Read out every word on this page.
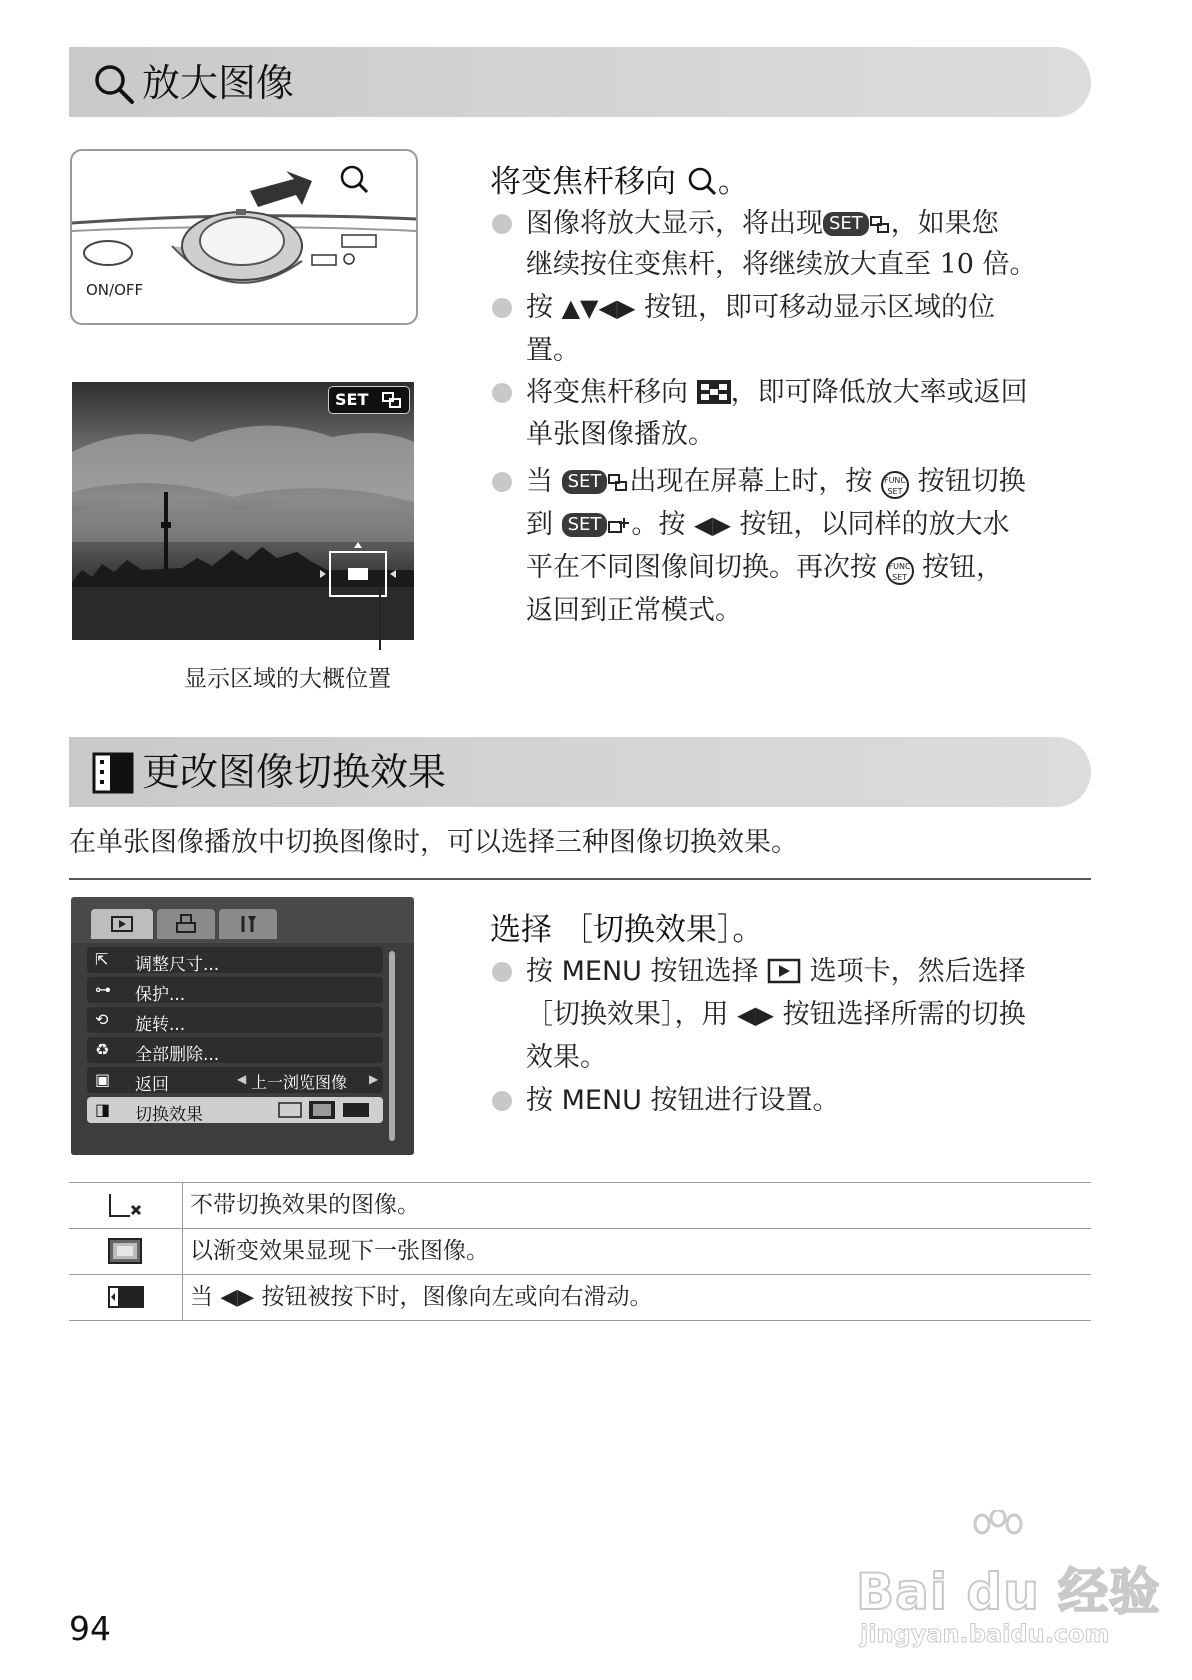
放大图像
ON/OFF
SET
显示区域的大概位置
将变焦杆移向 。
图像将放大显示，将出现 SET ，如果您
继续按住变焦杆，将继续放大直至 10 倍。
按 ▲▼◀▶ 按钮，即可移动显示区域的位
置。
将变焦杆移向 ，即可降低放大率或返回
单张图像播放。
当 SET 出现在屏幕上时，按 FUNC
SET 按钮切换
到 SET 。按 ◀▶ 按钮，以同样的放大水
平在不同图像间切换。再次按 FUNC
SET 按钮，
返回到正常模式。
更改图像切换效果
在单张图像播放中切换图像时，可以选择三种图像切换效果。
⇱ 调整尺寸...
⊶ 保护...
⟲ 旋转...
♻ 全部删除...
▣ 返回	◀ 上一浏览图像 ▶
◨ 切换效果
选择 ［切换效果］。
按 MENU 按钮选择  选项卡，然后选择
［切换效果］，用 ◀▶ 按钮选择所需的切换
效果。
按 MENU 按钮进行设置。
不带切换效果的图像。
以渐变效果显现下一张图像。
当 ◀▶ 按钮被按下时，图像向左或向右滑动。
94
Bai du 经验
jingyan.baidu.com
